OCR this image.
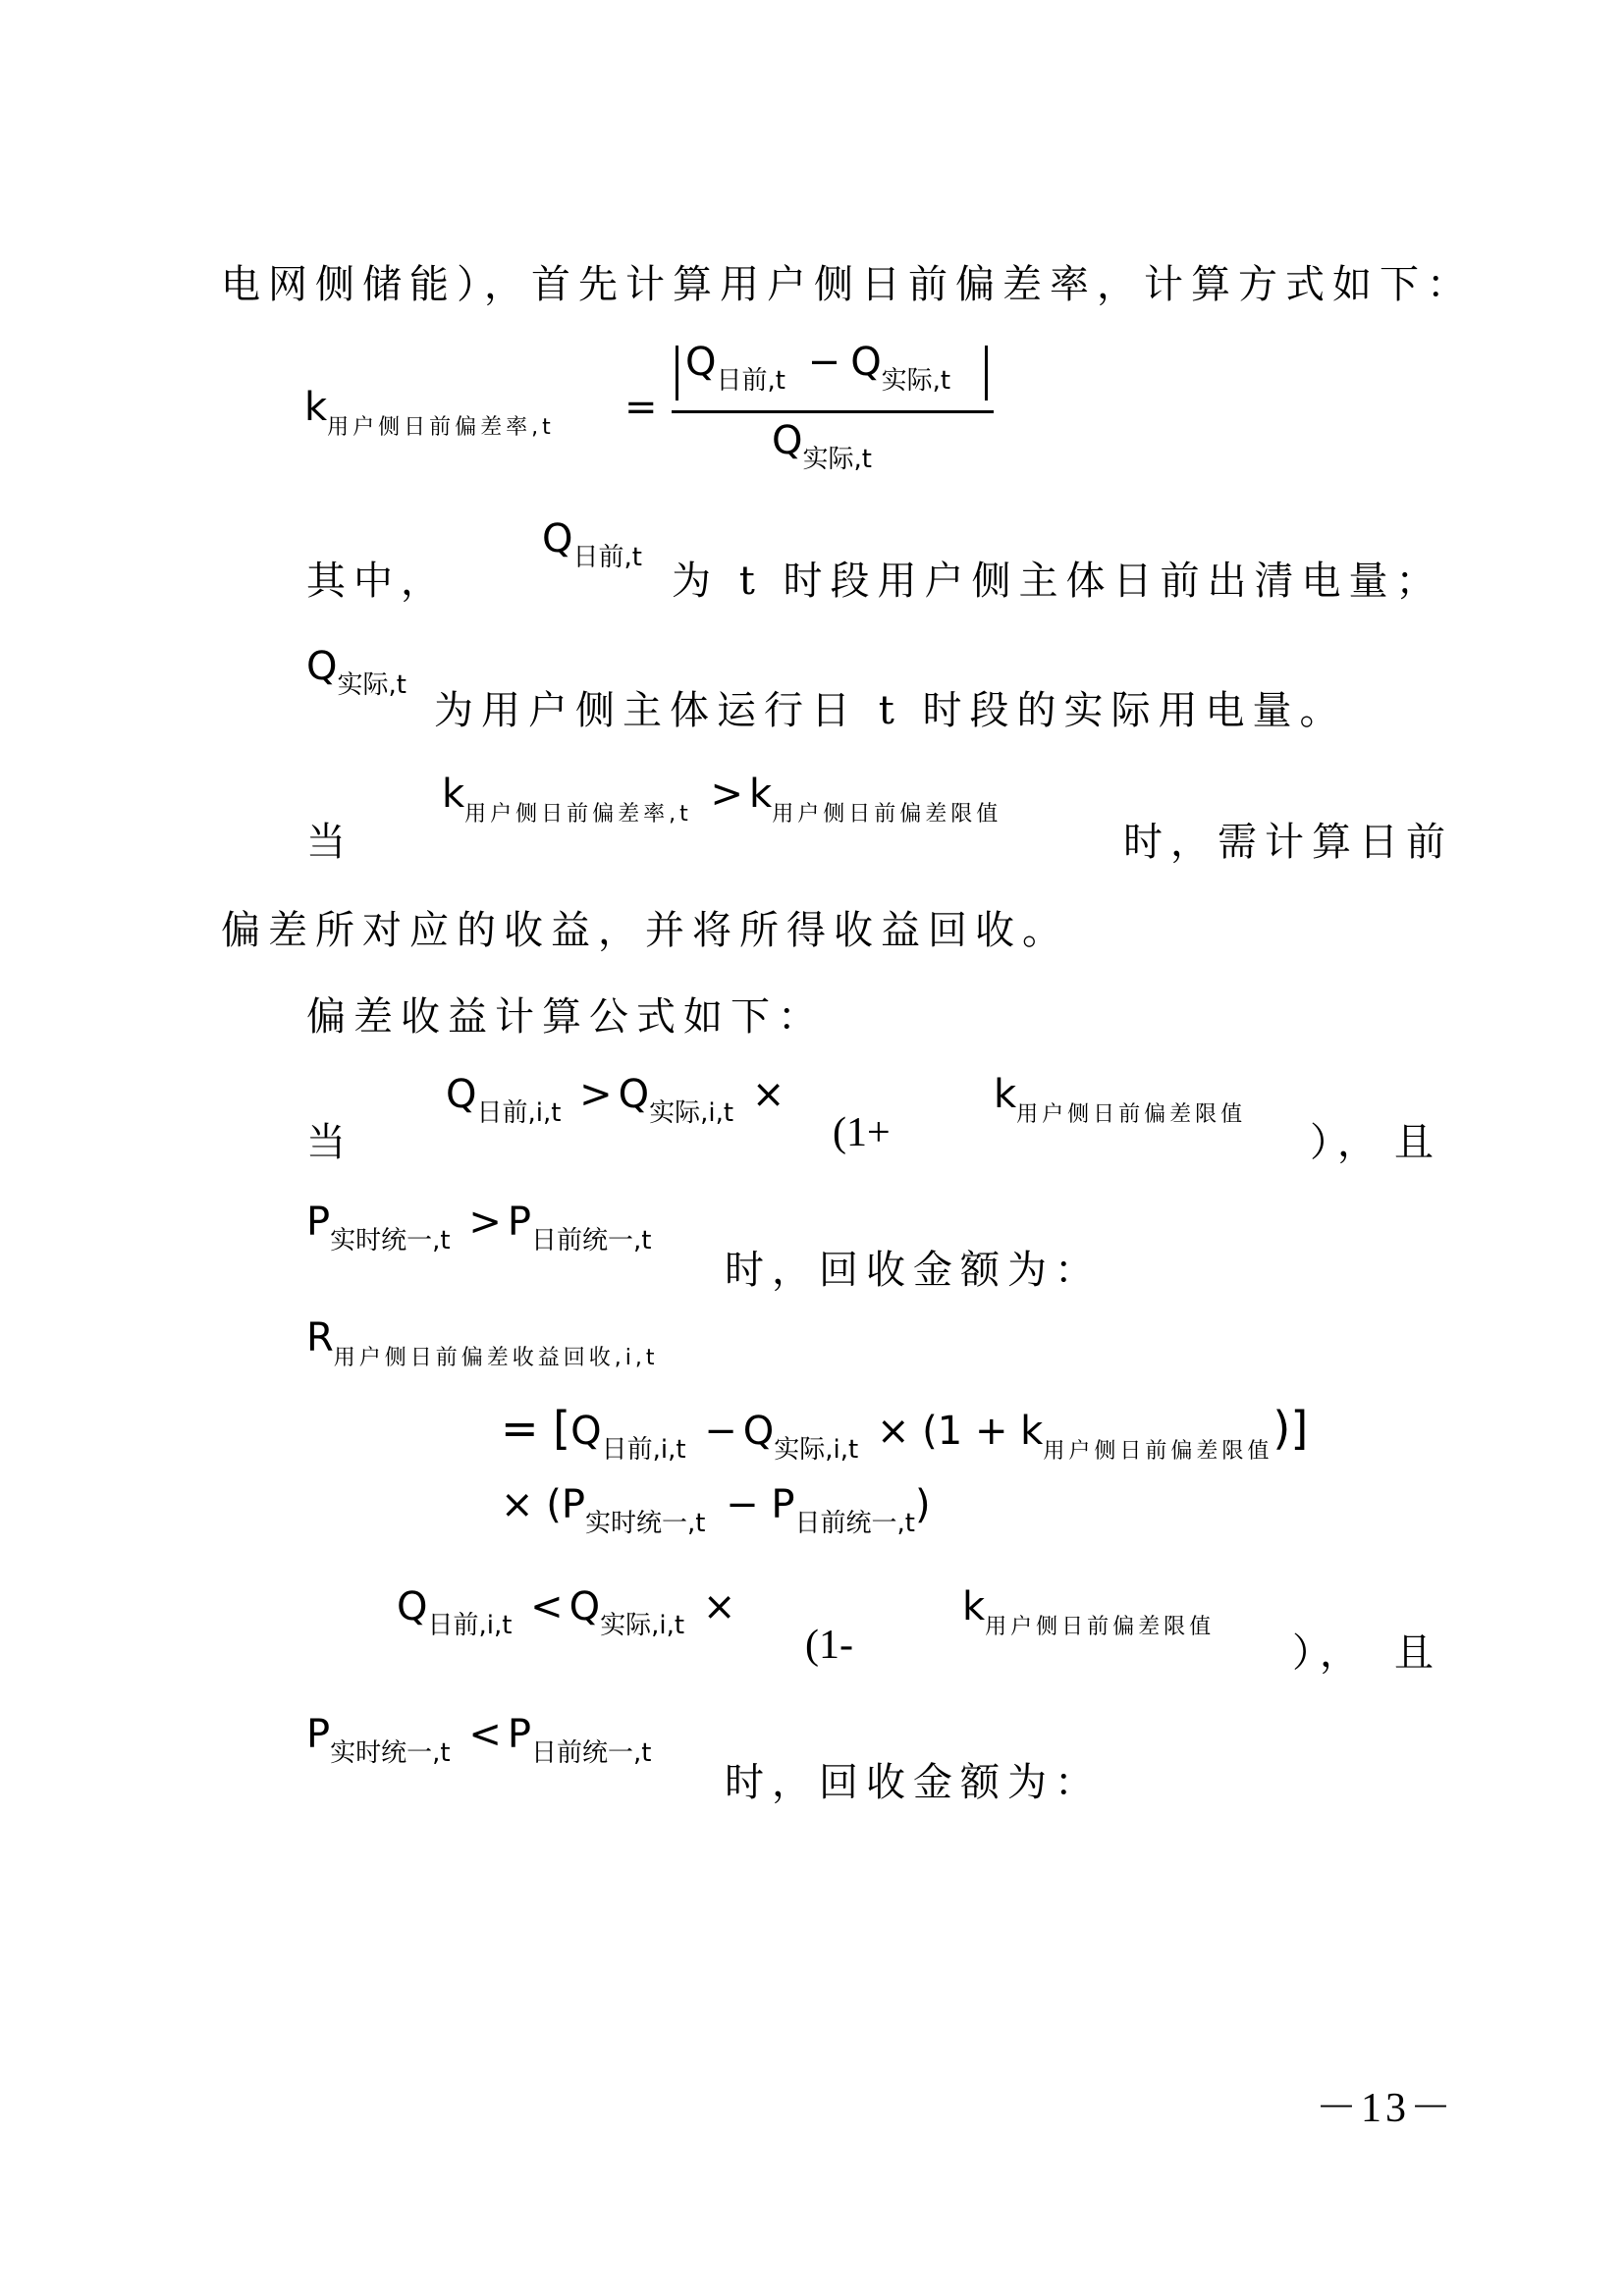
电网侧储能），首先计算用户侧日前偏差率，计算方式如下：
$k_{用户侧日前偏差率,t}$ =
$Q_{日前,t} - Q_{实际,t}$
$Q_{实际,t}$
其中，
$Q_{日前,t}$
为 t 时段用户侧主体日前出清电量；
$Q_{实际,t}$
为用户侧主体运行日 t 时段的实际用电量。
当
$k_{用户侧日前偏差率,t} > k_{用户侧日前偏差限值}$
时，需计算日前
偏差所对应的收益，并将所得收益回收。
偏差收益计算公式如下：
当
$Q_{日前,i,t} > Q_{实际,i,t}$ ×
(1+
$k_{用户侧日前偏差限值}$
）， 且
$P_{实时统一,t} > P_{日前统一,t}$
时，回收金额为：
$R_{用户侧日前偏差收益回收,i,t}$
= $[Q_{日前,i,t} - Q_{实际,i,t} \times (1 + k_{用户侧日前偏差限值})]$
× $(P_{实时统一,t} - P_{日前统一,t})$
$Q_{日前,i,t} < Q_{实际,i,t}$ ×
(1-
$k_{用户侧日前偏差限值}$
）， 且
$P_{实时统一,t} < P_{日前统一,t}$
时，回收金额为：
－13－
